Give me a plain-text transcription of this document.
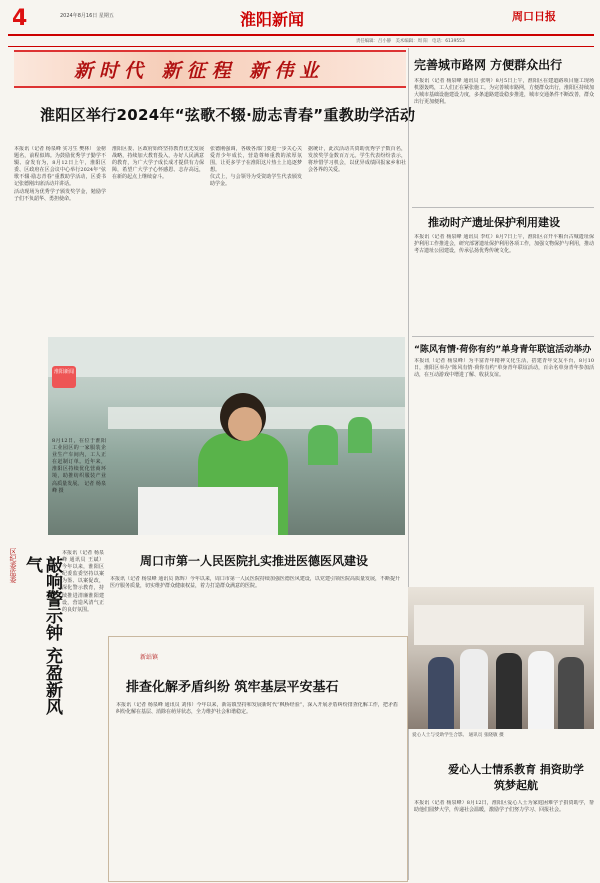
4	2024年8月16日 星期五	淮阳新闻	周口日报
责任编辑：吕小静　美术编辑：周 阳　电话：6139553
新时代 新征程 新伟业
淮阳区举行2024年“弦歌不辍·励志青春”重教助学活动
本报讯（记者 杨泉峰 实习生 樊林） 金榜题名，前程似锦。为鼓励优秀学子勤学不辍、奋发有为，8月12日上午，淮阳区委、区政府在区会议中心举行2024年“弦歌不辍·励志青春”重教助学活动，区委书记张德刚出席活动并讲话。
活动现场为优秀学子颁发奖学金，勉励学子们不负韶华、勇担使命。
淮阳区委、区政府始终坚持教育优先发展战略，持续加大教育投入，办好人民满意的教育，为广大学子成长成才提供有力保障，希望广大学子心怀感恩、志存高远，在新的起点上继续奋斗。
张德刚强调，各级各部门要进一步关心关爱青少年成长，营造尊师重教的浓厚氛围，让更多学子在淮阳这片热土上追逐梦想。
仪式上，与会领导为受资助学生代表颁发助学金。
据统计，此次活动共资助优秀学子数百名，发放奖学金数百万元。学生代表纷纷表示，将珍惜学习机会，以优异成绩回报家乡和社会各界的关爱。
淮阳新闻
8月12日，在位于淮阳工业园区的一家服装企业生产车间内，工人正在赶制订单。近年来，淮阳区持续优化营商环境，助推纺织服装产业高质量发展。 记者 杨泉峰 摄
周口市第一人民医院扎实推进医德医风建设
本报讯（记者 杨泉峰 通讯员 陈辉）今年以来，周口市第一人民医院持续加强医德医风建设，以党建引领医院高质量发展，不断提升医疗服务质量，切实维护群众健康权益，着力打造群众满意的医院。
新站镇
排查化解矛盾纠纷 筑牢基层平安基石
本报讯（记者 杨泉峰 通讯员 刘伟）今年以来，新站镇坚持和发展新时代“枫桥经验”，深入开展矛盾纠纷排查化解工作，把矛盾纠纷化解在基层、消除在萌芽状态，全力维护社会和谐稳定。
区纪委监委	敲响警示钟 充盈新风气
本报讯（记者 杨泉峰 通讯员 王斌）今年以来，淮阳区纪委监委坚持以案为鉴、以案促改，深化警示教育，持续推进清廉淮阳建设，营造风清气正的良好氛围。
完善城市路网 方便群众出行
本报讯（记者 杨泉峰 通讯员 张明）8月5日上午，淮阳区在建道路项目施工现场机器轰鸣，工人们正在紧张施工。为完善城市路网，方便群众出行，淮阳区持续加大城市基础设施建设力度，多条道路建设稳步推进，城市交通条件不断改善，群众出行更加便利。
推动时产遗址保护利用建设
本报讯（记者 杨泉峰 通讯员 李红）8月7日上午，淮阳区召开平粮台古城遗址保护利用工作推进会，研究部署遗址保护利用各项工作，加强文物保护与利用，推动考古遗址公园建设，传承弘扬优秀传统文化。
“陈风有情·荷你有约”单身青年联谊活动举办
本报讯（记者 杨泉峰）为丰富青年精神文化生活，搭建青年交友平台，8月10日，淮阳区举办“陈风有情·荷你有约”单身青年联谊活动，百余名单身青年参加活动，在互动游戏中增进了解、收获友谊。
爱心人士与受助学生合影。 通讯员 张晓敏 摄
爱心人士情系教育 捐资助学筑梦起航
本报讯（记者 杨泉峰）8月12日，淮阳区爱心人士为家庭困难学子捐资助学，帮助他们圆梦大学，传递社会温暖，激励学子们努力学习、回报社会。
